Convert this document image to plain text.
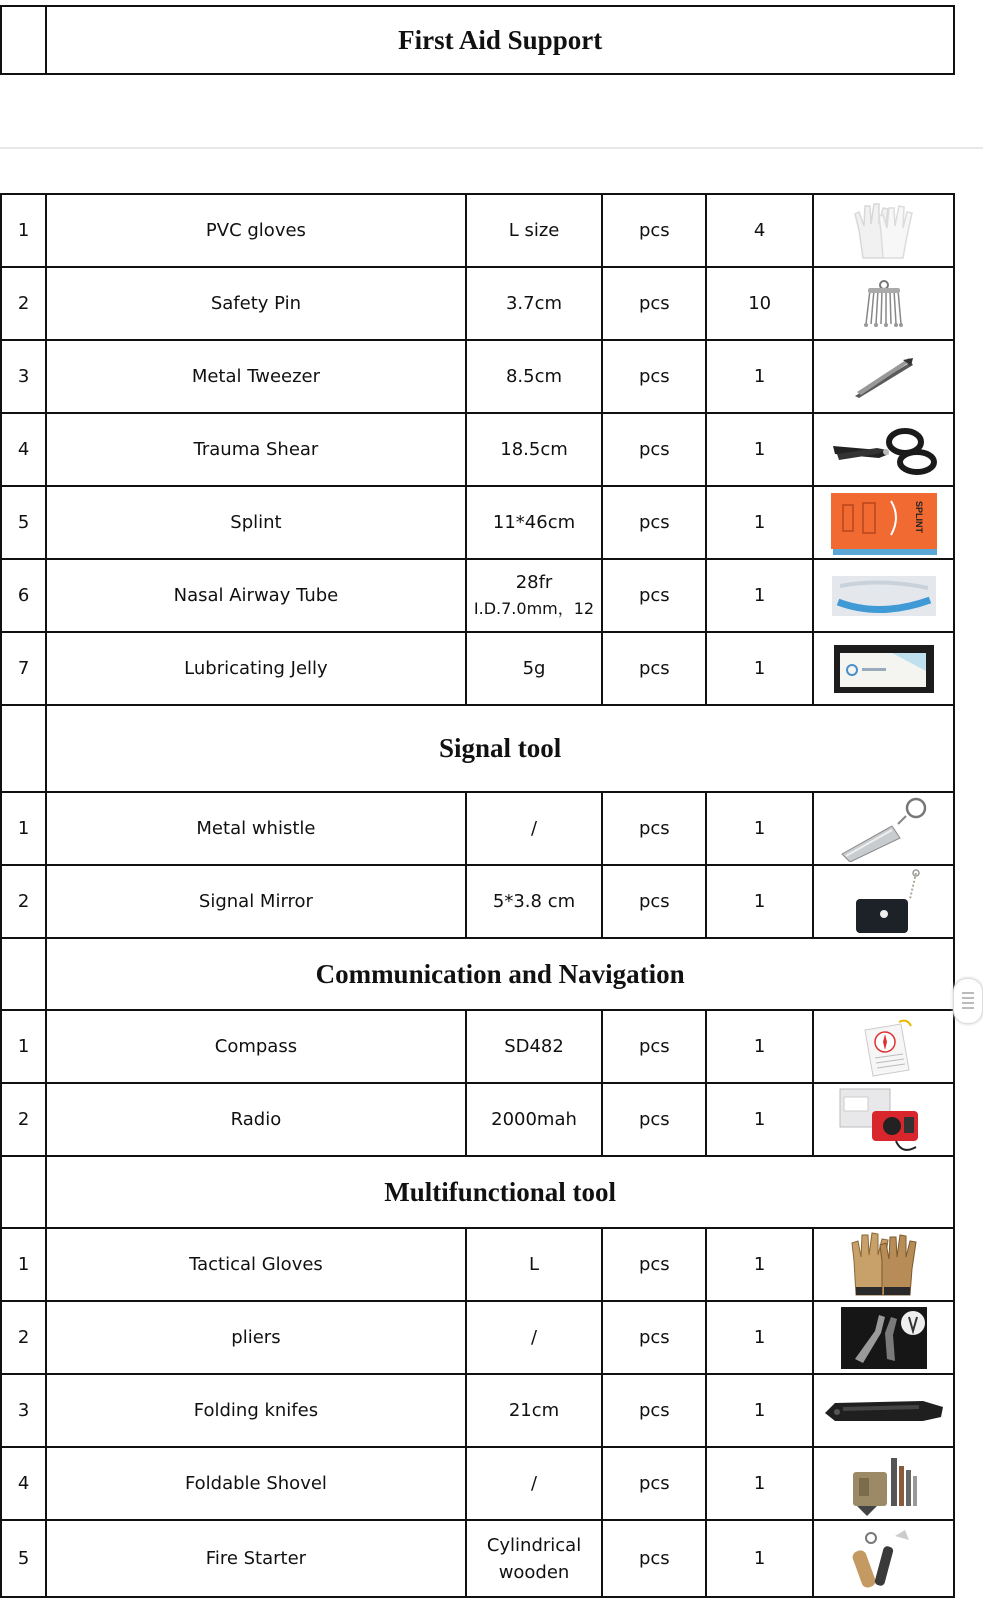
	First Aid Support
1	PVC gloves	L size	pcs	4	

2	Safety Pin	3.7cm	pcs	10	

3	Metal Tweezer	8.5cm	pcs	1	

4	Trauma Shear	18.5cm	pcs	1	

5	Splint	11*46cm	pcs	1	SPLINT

6	Nasal Airway Tube	28fr
I.D.7.0mm，12	pcs	1	

7	Lubricating Jelly	5g	pcs	1	

	Signal tool				
1	Metal whistle	/	pcs	1	

2	Signal Mirror	5*3.8 cm	pcs	1	

	Communication and Navigation				
1	Compass	SD482	pcs	1	

2	Radio	2000mah	pcs	1	

	Multifunctional tool				
1	Tactical Gloves	L	pcs	1	

2	pliers	/	pcs	1	

3	Folding knifes	21cm	pcs	1	

4	Foldable Shovel	/	pcs	1	

5	Fire Starter	Cylindrical
wooden	pcs	1	
